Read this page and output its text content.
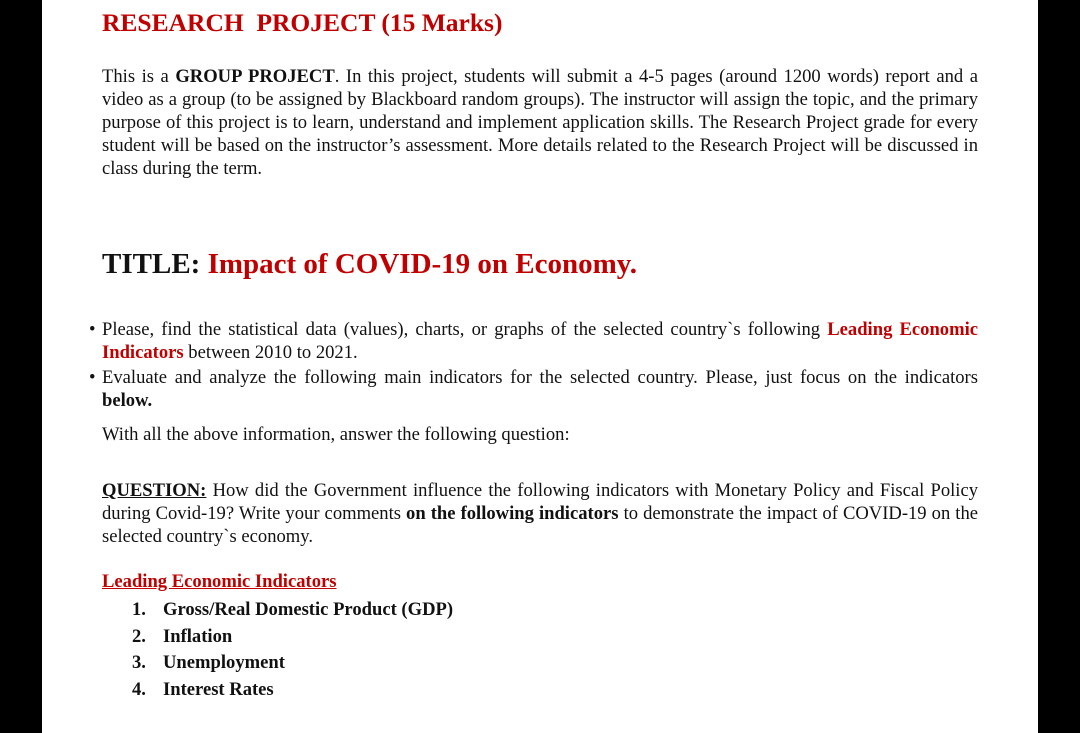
RESEARCH  PROJECT (15 Marks)

This is a GROUP PROJECT. In this project, students will submit a 4-5 pages (around 1200 words) report and a video as a group (to be assigned by Blackboard random groups). The instructor will assign the topic, and the primary purpose of this project is to learn, understand and implement application skills. The Research Project grade for every student will be based on the instructor’s assessment. More details related to the Research Project will be discussed in class during the term.

TITLE: Impact of COVID-19 on Economy.
• Please, find the statistical data (values), charts, or graphs of the selected country`s following Leading Economic Indicators between 2010 to 2021.
• Evaluate and analyze the following main indicators for the selected country. Please, just focus on the indicators below.

With all the above information, answer the following question:

QUESTION: How did the Government influence the following indicators with Monetary Policy and Fiscal Policy during Covid-19? Write your comments on the following indicators to demonstrate the impact of COVID-19 on the selected country`s economy.

Leading Economic Indicators

1. Gross/Real Domestic Product (GDP)
2. Inflation
3. Unemployment
4. Interest Rates
